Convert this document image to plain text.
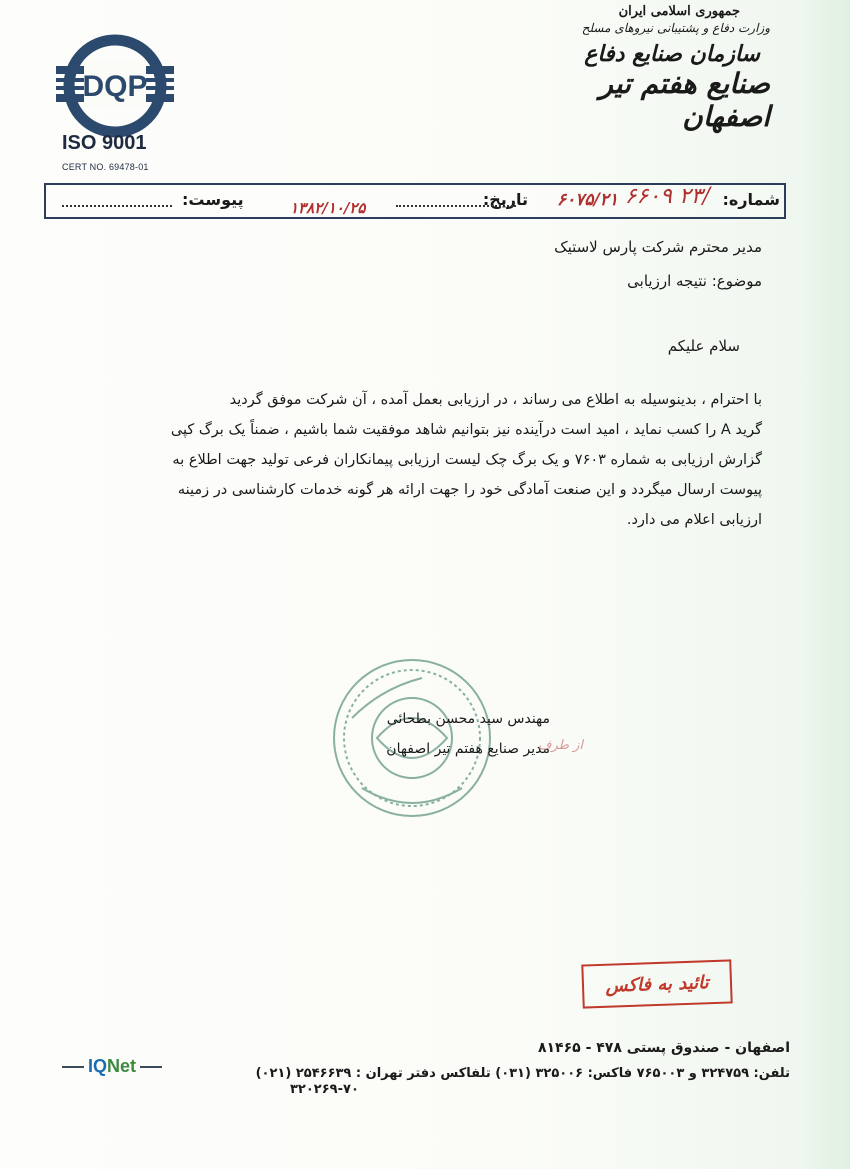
جمهوری اسلامی ایران
وزارت دفاع و پشتیبانی نیروهای مسلح
سازمان صنایع دفاع
صنایع هفتم تیر اصفهان
DQP
ISO 9001
CERT NO. 69478-01
شماره:
۶۶۰۹ ۲۳/
۶۰۷۵/۲۱
تاریخ:
۱۳۸۲/۱۰/۲۵
پیوست:
مدیر محترم شرکت پارس لاستیک
موضوع: نتیجه ارزیابی
سلام علیکم

با احترام ، بدینوسیله به اطلاع می رساند ، در ارزیابی بعمل آمده ، آن شرکت موفق گردید

گرید A را کسب نماید ، امید است درآینده نیز بتوانیم شاهد موفقیت شما باشیم ، ضمناً یک برگ کپی

گزارش ارزیابی به شماره ۷۶۰۳ و یک برگ چک لیست ارزیابی پیمانکاران فرعی تولید جهت اطلاع به

پیوست ارسال میگردد و این صنعت آمادگی خود را جهت ارائه هر گونه خدمات کارشناسی در زمینه

ارزیابی اعلام می دارد.

مهندس سید محسن بطحائی
مدیر صنایع هفتم تیر اصفهان
از طرف
تائید به فاکس
اصفهان - صندوق پستی ۴۷۸ - ۸۱۴۶۵
تلفن: ۳۲۴۷۵۹ و ۷۶۵۰۰۳ فاکس: ۳۲۵۰۰۶ (۰۳۱) تلفاکس دفتر تهران : ۲۵۴۶۶۳۹ (۰۲۱)
۳۲۰۲۶۹-۷۰
IQ Net
